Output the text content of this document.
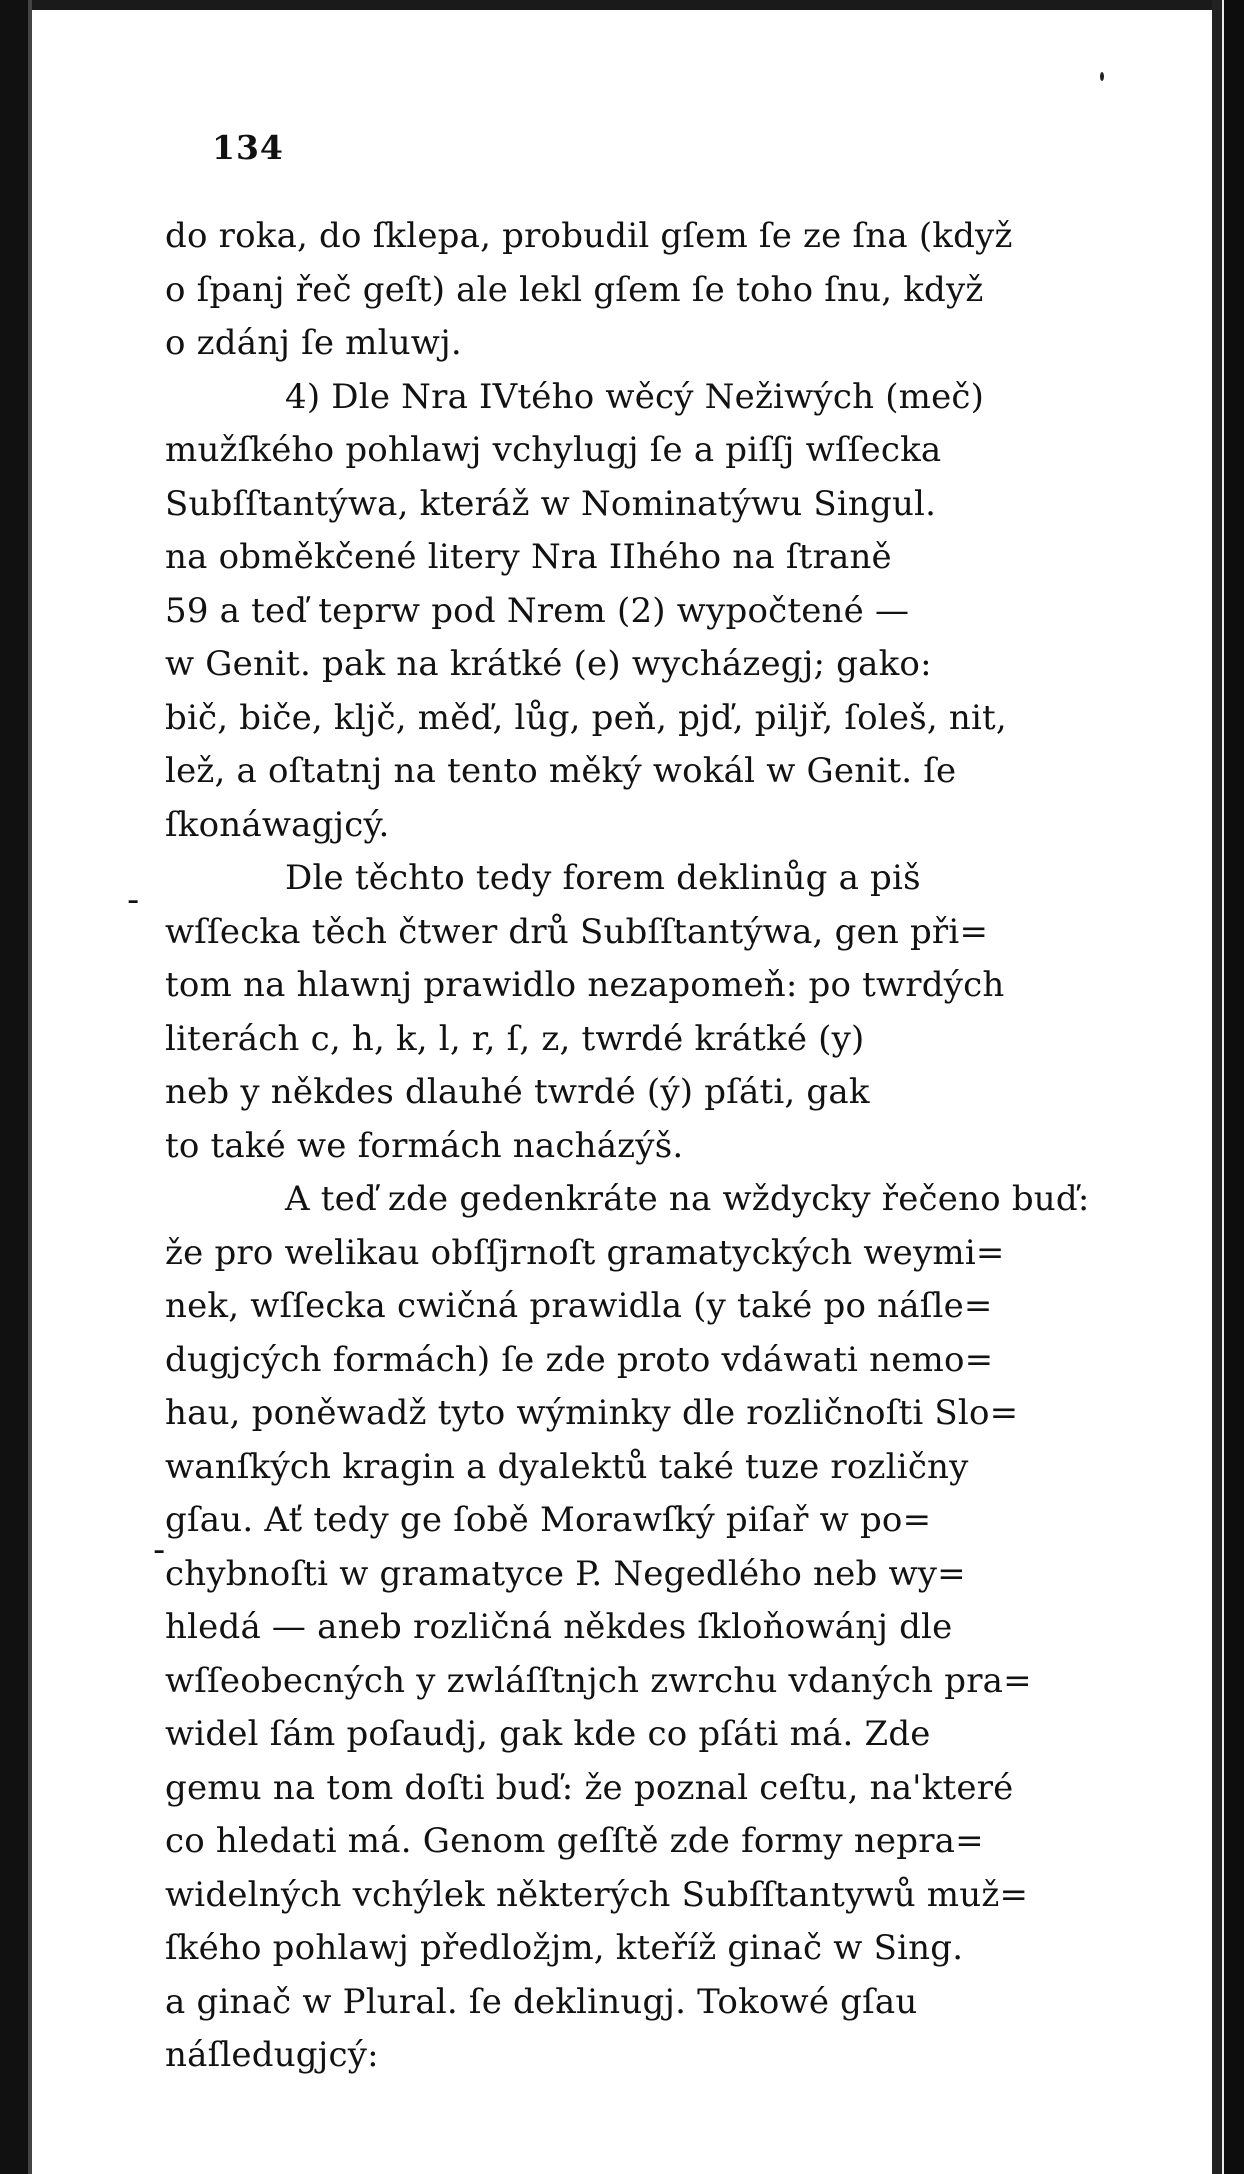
134
-
-
do roka, do ſklepa, probudil gſem ſe ze ſna (když
o ſpanj řeč geſt) ale lekl gſem ſe toho ſnu, když
o zdánj ſe mluwj.
4) Dle Nra IVtého wěcý Nežiwých (meč)
mužſkého pohlawj vchylugj ſe a piſſj wſſecka
Subſſtantýwa, kteráž w Nominatýwu Singul.
na obměkčené litery Nra IIhého na ſtraně
59 a teď teprw pod Nrem (2) wypočtené —
w Genit. pak na krátké (e) wycházegj; gako:
bič, biče, kljč, měď, lůg, peň, pjď, piljř, ſoleš, nit,
lež, a oſtatnj na tento měký wokál w Genit. ſe
ſkonáwagjcý.
Dle těchto tedy forem deklinůg a piš
wſſecka těch čtwer drů Subſſtantýwa, gen při=
tom na hlawnj prawidlo nezapomeň: po twrdých
literách c, h, k, l, r, ſ, z, twrdé krátké (y)
neb y někdes dlauhé twrdé (ý) pſáti, gak
to také we formách nacházýš.
A teď zde gedenkráte na wždycky řečeno buď:
že pro welikau obſſjrnoſt gramatyckých weymi=
nek, wſſecka cwičná prawidla (y také po náſle=
dugjcých formách) ſe zde proto vdáwati nemo=
hau, poněwadž tyto wýminky dle rozličnoſti Slo=
wanſkých kragin a dyalektů také tuze rozličny
gſau. Ať tedy ge ſobě Morawſký piſař w po=
chybnoſti w gramatyce P. Negedlého neb wy=
hledá — aneb rozličná někdes ſkloňowánj dle
wſſeobecných y zwláſſtnjch zwrchu vdaných pra=
widel ſám poſaudj, gak kde co pſáti má. Zde
gemu na tom doſti buď: že poznal ceſtu, na'které
co hledati má. Genom geſſtě zde formy nepra=
widelných vchýlek některých Subſſtantywů muž=
ſkého pohlawj předložjm, kteříž ginač w Sing.
a ginač w Plural. ſe deklinugj. Tokowé gſau
náſledugjcý:
